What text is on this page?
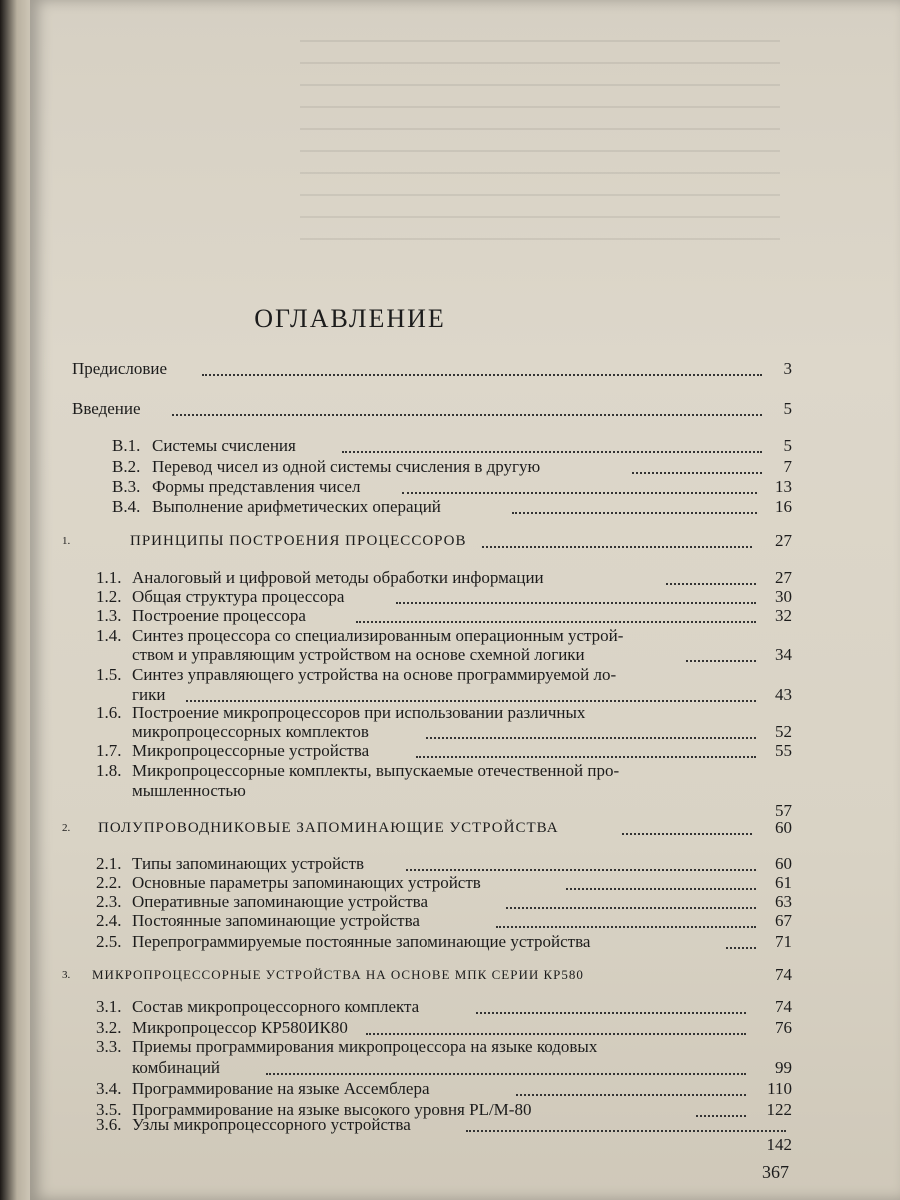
ОГЛАВЛЕНИЕ
Предисловие	3
Введение	5
В.1. Системы счисления	5
В.2. Перевод чисел из одной системы счисления в другую	7
В.3. Формы представления чисел	13
В.4. Выполнение арифметических операций	16
1.	ПРИНЦИПЫ ПОСТРОЕНИЯ ПРОЦЕССОРОВ	27
1.1. Аналоговый и цифровой методы обработки информации	27
1.2. Общая структура процессора	30
1.3. Построение процессора	32
1.4. Синтез процессора со специализированным операционным устрой-
ством и управляющим устройством на основе схемной логики	34
1.5. Синтез управляющего устройства на основе программируемой ло-
гики	43
1.6. Построение микропроцессоров при использовании различных
микропроцессорных комплектов	52
1.7. Микропроцессорные устройства	55
1.8. Микропроцессорные комплекты, выпускаемые отечественной про-
мышленностью
57
2. ПОЛУПРОВОДНИКОВЫЕ ЗАПОМИНАЮЩИЕ УСТРОЙСТВА	60
2.1. Типы запоминающих устройств	60
2.2. Основные параметры запоминающих устройств	61
2.3. Оперативные запоминающие устройства	63
2.4. Постоянные запоминающие устройства	67
2.5. Перепрограммируемые постоянные запоминающие устройства	71
3. МИКРОПРОЦЕССОРНЫЕ УСТРОЙСТВА НА ОСНОВЕ МПК СЕРИИ КР580	74
3.1. Состав микропроцессорного комплекта	74
3.2. Микропроцессор КР580ИК80	76
3.3. Приемы программирования микропроцессора на языке кодовых
комбинаций	99
3.4. Программирование на языке Ассемблера	110
3.5. Программирование на языке высокого уровня PL/M-80	122
3.6. Узлы микропроцессорного устройства
142
367
